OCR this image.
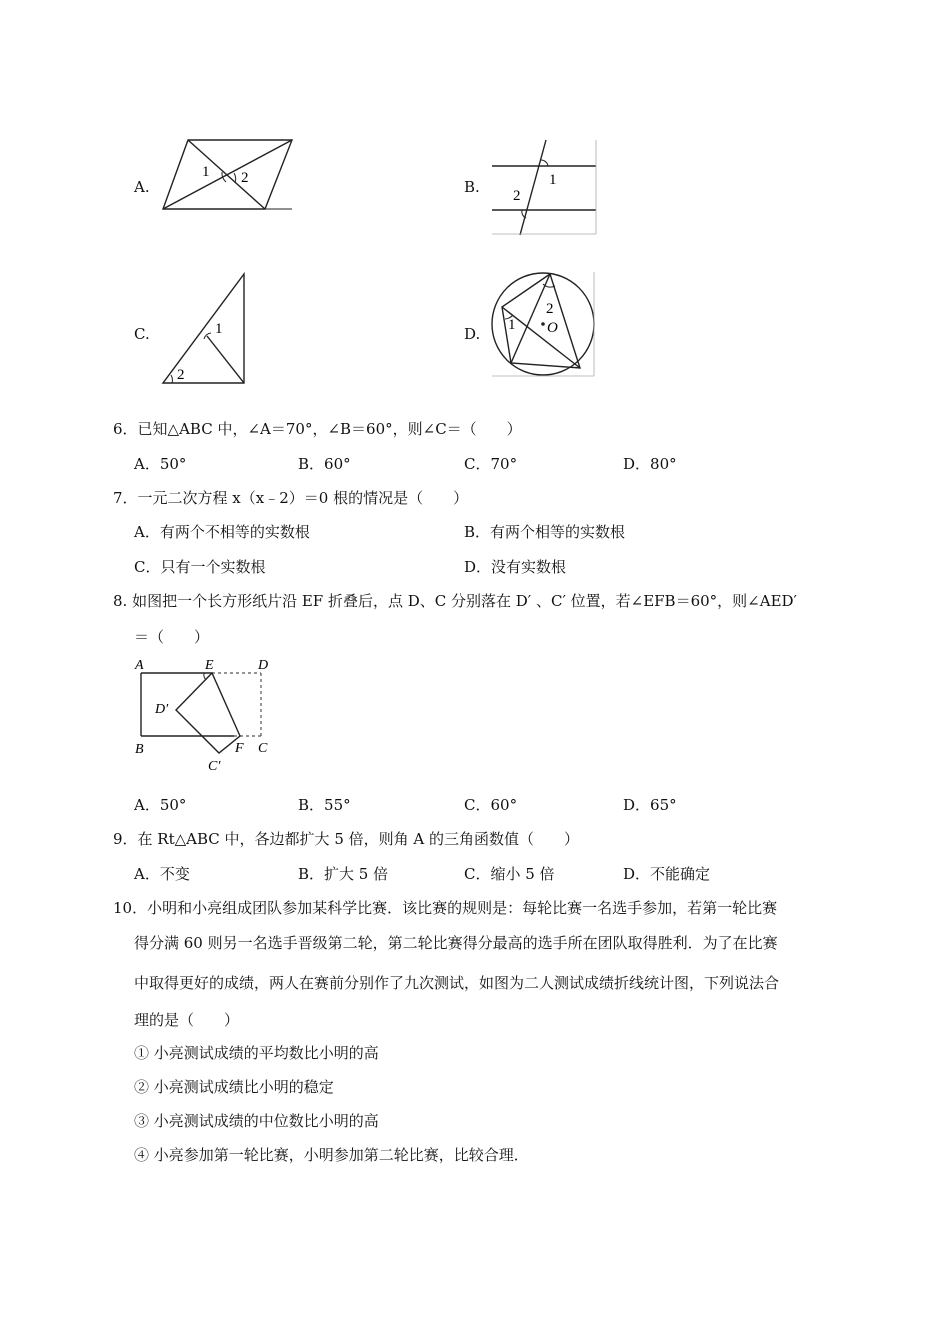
A.
1 2	B.	1
2
C.	1
2
D.
2
1 O
6．已知△ABC 中，∠A＝70°，∠B＝60°，则∠C＝（　　）
A．50°	B．60°	C．70°	D．80°
7．一元二次方程 x（x﹣2）＝0 根的情况是（　　）
A．有两个不相等的实数根	B．有两个相等的实数根
C．只有一个实数根	D．没有实数根
8. 如图把一个长方形纸片沿 EF 折叠后，点 D、C 分别落在 D′ 、C′ 位置，若∠EFB＝60°，则∠AED′
＝（　　）
A	E	D
D′
B	F C
C′
A．50°	B．55°	C．60°	D．65°
9．在 Rt△ABC 中，各边都扩大 5 倍，则角 A 的三角函数值（　　）
A．不变	B．扩大 5 倍	C．缩小 5 倍	D．不能确定
10．小明和小亮组成团队参加某科学比赛．该比赛的规则是：每轮比赛一名选手参加，若第一轮比赛
得分满 60 则另一名选手晋级第二轮，第二轮比赛得分最高的选手所在团队取得胜利．为了在比赛
中取得更好的成绩，两人在赛前分别作了九次测试，如图为二人测试成绩折线统计图，下列说法合
理的是（　　）
① 小亮测试成绩的平均数比小明的高
② 小亮测试成绩比小明的稳定
③ 小亮测试成绩的中位数比小明的高
④ 小亮参加第一轮比赛，小明参加第二轮比赛，比较合理．
